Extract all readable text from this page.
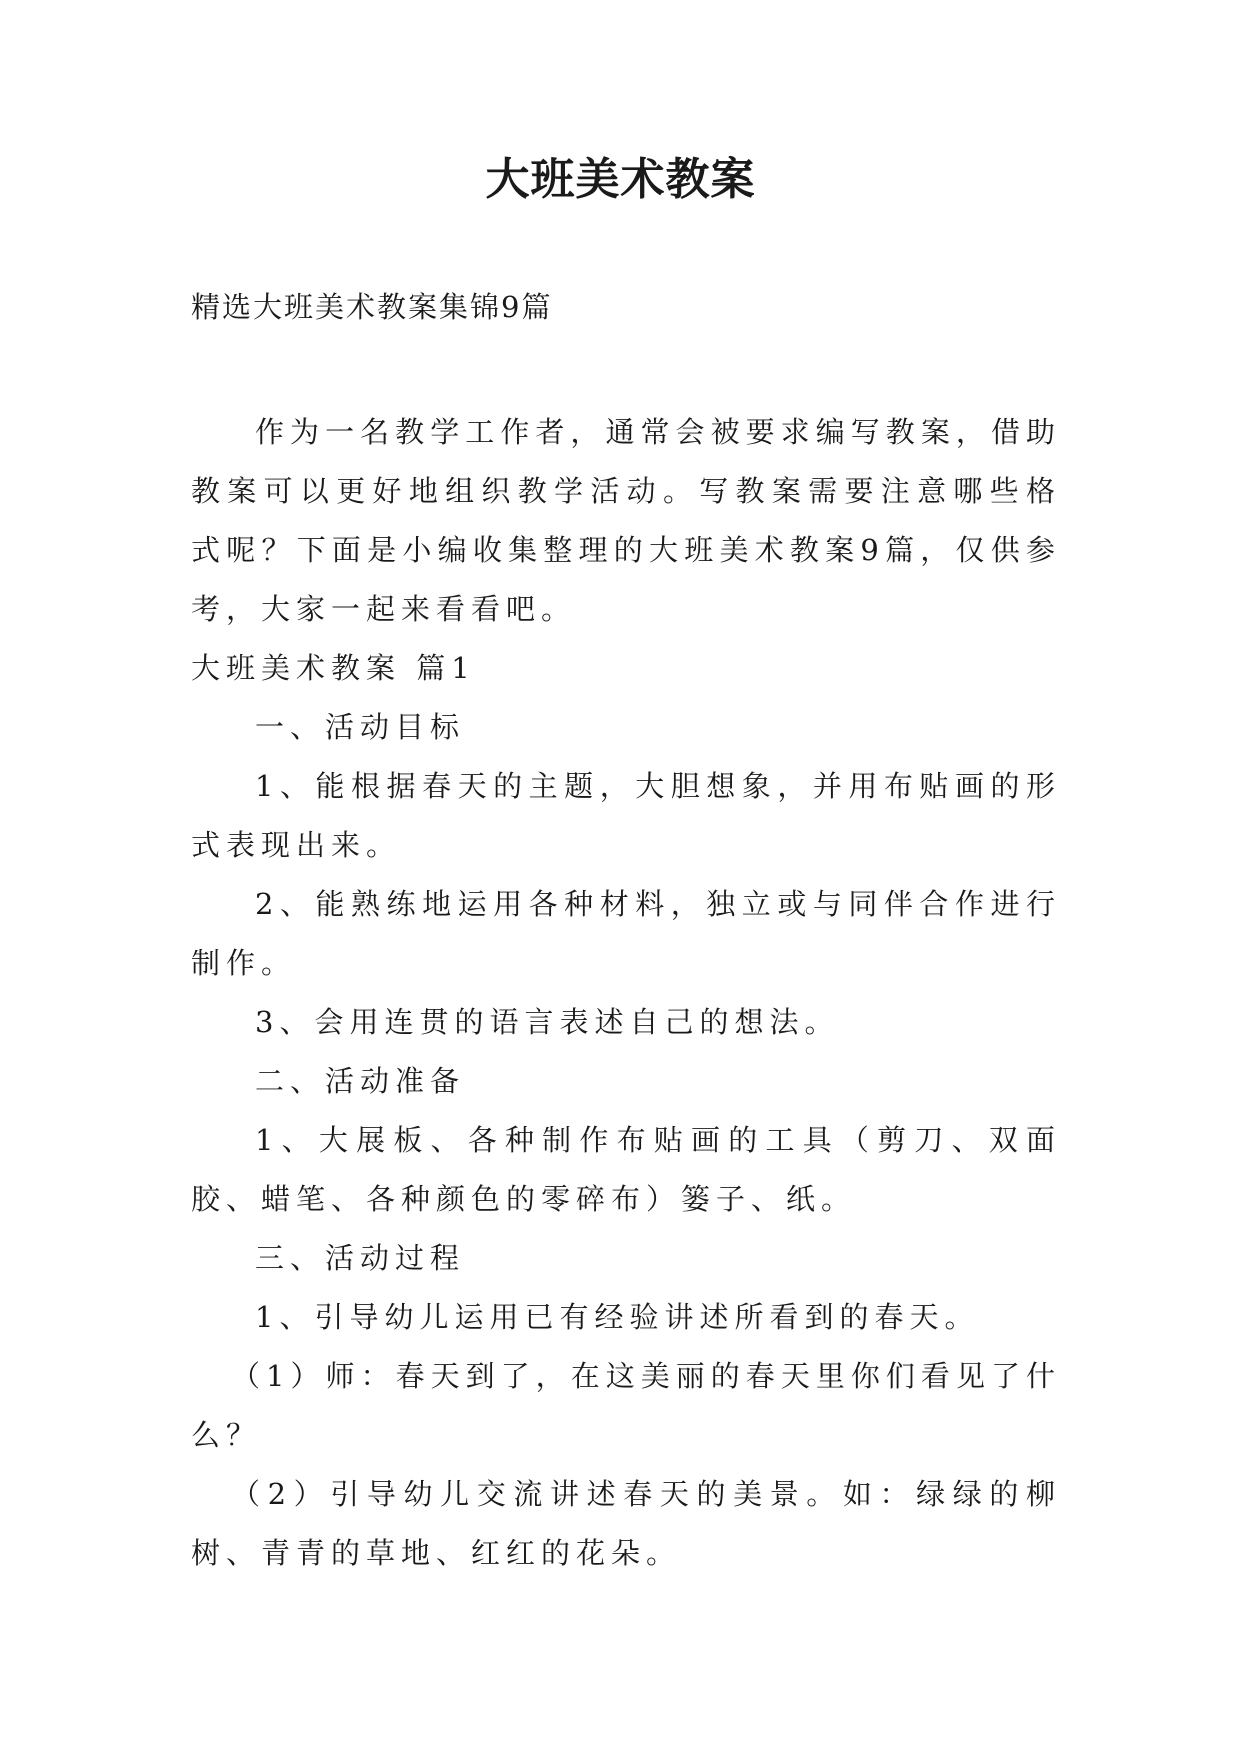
大班美术教案
精选大班美术教案集锦9篇

作为一名教学工作者，通常会被要求编写教案，借助教案可以更好地组织教学活动。写教案需要注意哪些格式呢？下面是小编收集整理的大班美术教案9篇，仅供参考，大家一起来看看吧。

大班美术教案 篇1

一、活动目标

1、能根据春天的主题，大胆想象，并用布贴画的形式表现出来。

2、能熟练地运用各种材料，独立或与同伴合作进行制作。

3、会用连贯的语言表述自己的想法。

二、活动准备

1、大展板、各种制作布贴画的工具（剪刀、双面胶、蜡笔、各种颜色的零碎布）篓子、纸。

三、活动过程

1、引导幼儿运用已有经验讲述所看到的春天。

（1）师：春天到了，在这美丽的春天里你们看见了什么？

（2）引导幼儿交流讲述春天的美景。如：绿绿的柳树、青青的草地、红红的花朵。
